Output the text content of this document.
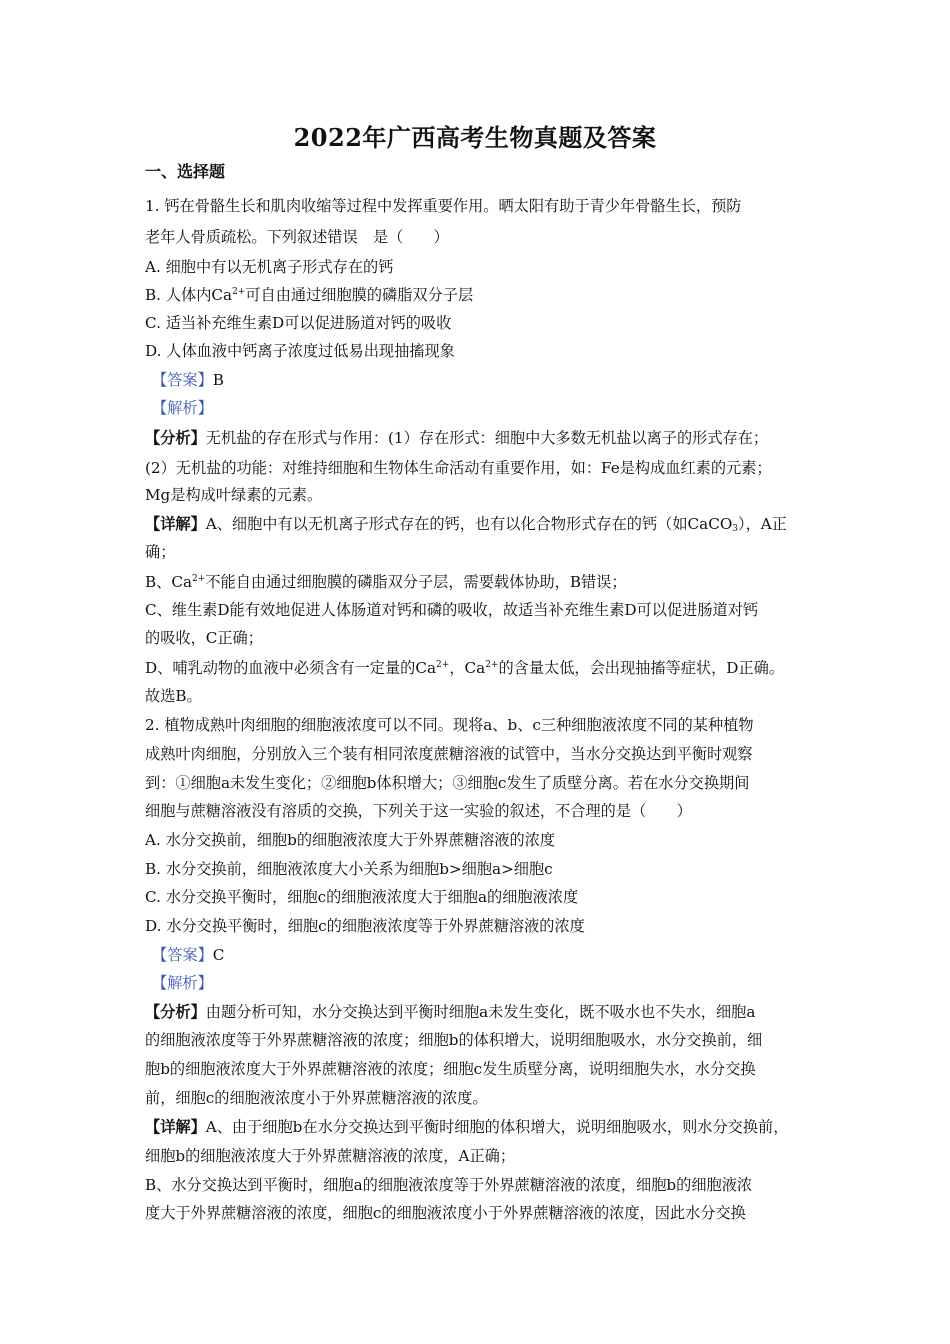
2022年广西高考生物真题及答案
一、选择题
1. 钙在骨骼生长和肌肉收缩等过程中发挥重要作用。晒太阳有助于青少年骨骼生长，预防
老年人骨质疏松。下列叙述错误　是（　　）
A. 细胞中有以无机离子形式存在的钙
B. 人体内$Ca^{2+}$可自由通过细胞膜的磷脂双分子层
C. 适当补充维生素D可以促进肠道对钙的吸收
D. 人体血液中钙离子浓度过低易出现抽搐现象
【答案】B
【解析】
【分析】无机盐的存在形式与作用：(1）存在形式：细胞中大多数无机盐以离子的形式存在；
(2）无机盐的功能：对维持细胞和生物体生命活动有重要作用，如：Fe是构成血红素的元素；
Mg是构成叶绿素的元素。
【详解】A、细胞中有以无机离子形式存在的钙，也有以化合物形式存在的钙（如CaCO$_3$），A正
确；
B、$Ca^{2+}$不能自由通过细胞膜的磷脂双分子层，需要载体协助，B错误；
C、维生素D能有效地促进人体肠道对钙和磷的吸收，故适当补充维生素D可以促进肠道对钙
的吸收，C正确；
D、哺乳动物的血液中必须含有一定量的$Ca^{2+}$，$Ca^{2+}$的含量太低，会出现抽搐等症状，D正确。
故选B。
2. 植物成熟叶肉细胞的细胞液浓度可以不同。现将a、b、c三种细胞液浓度不同的某种植物
成熟叶肉细胞，分别放入三个装有相同浓度蔗糖溶液的试管中，当水分交换达到平衡时观察
到：①细胞a未发生变化；②细胞b体积增大；③细胞c发生了质壁分离。若在水分交换期间
细胞与蔗糖溶液没有溶质的交换，下列关于这一实验的叙述，不合理的是（　　）
A. 水分交换前，细胞b的细胞液浓度大于外界蔗糖溶液的浓度
B. 水分交换前，细胞液浓度大小关系为细胞b>细胞a>细胞c
C. 水分交换平衡时，细胞c的细胞液浓度大于细胞a的细胞液浓度
D. 水分交换平衡时，细胞c的细胞液浓度等于外界蔗糖溶液的浓度
【答案】C
【解析】
【分析】由题分析可知，水分交换达到平衡时细胞a未发生变化，既不吸水也不失水，细胞a
的细胞液浓度等于外界蔗糖溶液的浓度；细胞b的体积增大，说明细胞吸水，水分交换前，细
胞b的细胞液浓度大于外界蔗糖溶液的浓度；细胞c发生质壁分离，说明细胞失水，水分交换
前，细胞c的细胞液浓度小于外界蔗糖溶液的浓度。
【详解】A、由于细胞b在水分交换达到平衡时细胞的体积增大，说明细胞吸水，则水分交换前，
细胞b的细胞液浓度大于外界蔗糖溶液的浓度，A正确；
B、水分交换达到平衡时，细胞a的细胞液浓度等于外界蔗糖溶液的浓度，细胞b的细胞液浓
度大于外界蔗糖溶液的浓度，细胞c的细胞液浓度小于外界蔗糖溶液的浓度，因此水分交换
